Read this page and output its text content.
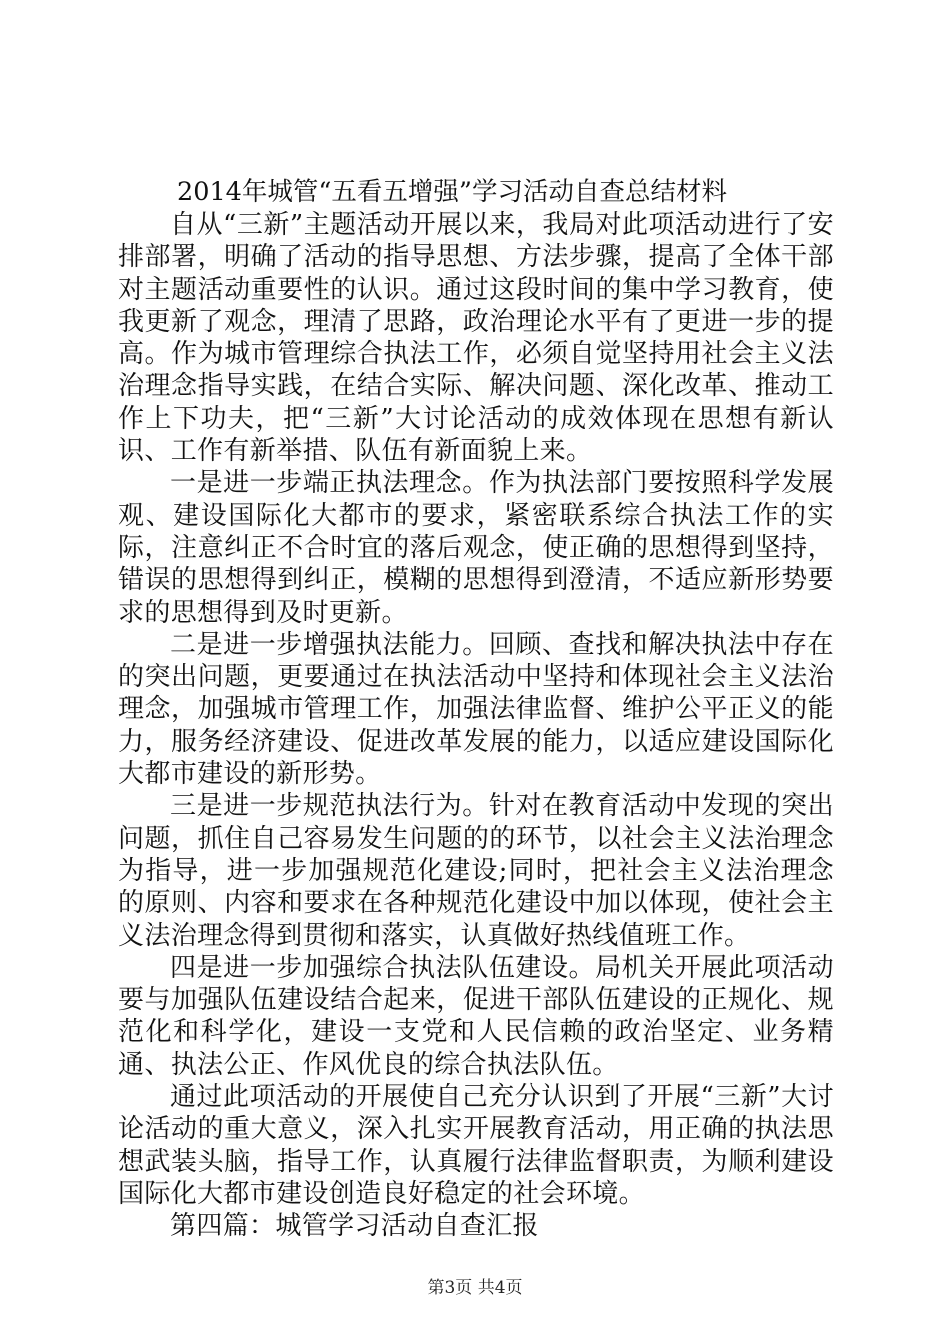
2014年城管“五看五增强”学习活动自查总结材料

自从“三新”主题活动开展以来，我局对此项活动进行了安排部署，明确了活动的指导思想、方法步骤，提高了全体干部对主题活动重要性的认识。通过这段时间的集中学习教育，使我更新了观念，理清了思路，政治理论水平有了更进一步的提高。作为城市管理综合执法工作，必须自觉坚持用社会主义法治理念指导实践，在结合实际、解决问题、深化改革、推动工作上下功夫，把“三新”大讨论活动的成效体现在思想有新认识、工作有新举措、队伍有新面貌上来。

一是进一步端正执法理念。作为执法部门要按照科学发展观、建设国际化大都市的要求，紧密联系综合执法工作的实际，注意纠正不合时宜的落后观念，使正确的思想得到坚持，错误的思想得到纠正，模糊的思想得到澄清，不适应新形势要求的思想得到及时更新。

二是进一步增强执法能力。回顾、查找和解决执法中存在的突出问题，更要通过在执法活动中坚持和体现社会主义法治理念，加强城市管理工作，加强法律监督、维护公平正义的能力，服务经济建设、促进改革发展的能力，以适应建设国际化大都市建设的新形势。

三是进一步规范执法行为。针对在教育活动中发现的突出问题，抓住自己容易发生问题的的环节，以社会主义法治理念为指导，进一步加强规范化建设;同时，把社会主义法治理念的原则、内容和要求在各种规范化建设中加以体现，使社会主义法治理念得到贯彻和落实，认真做好热线值班工作。

四是进一步加强综合执法队伍建设。局机关开展此项活动要与加强队伍建设结合起来，促进干部队伍建设的正规化、规范化和科学化，建设一支党和人民信赖的政治坚定、业务精通、执法公正、作风优良的综合执法队伍。

通过此项活动的开展使自己充分认识到了开展“三新”大讨论活动的重大意义，深入扎实开展教育活动，用正确的执法思想武装头脑，指导工作，认真履行法律监督职责，为顺利建设国际化大都市建设创造良好稳定的社会环境。

第四篇：城管学习活动自查汇报

第3页 共4页
